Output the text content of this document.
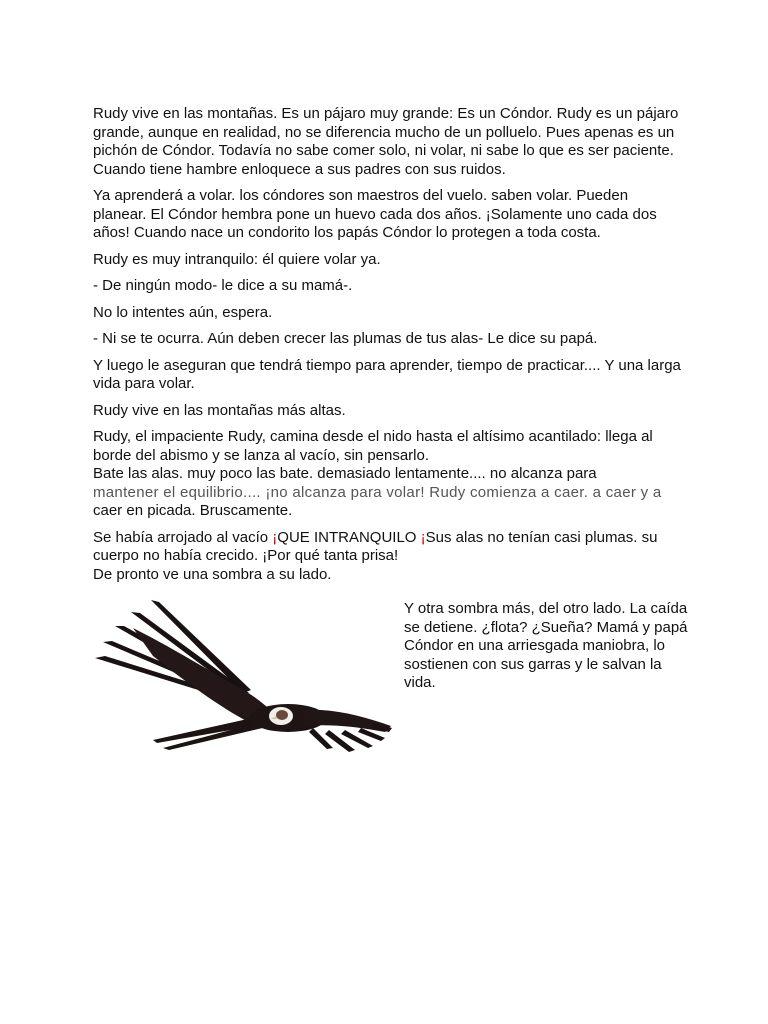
Rudy vive en las montañas. Es un pájaro muy grande: Es un Cóndor. Rudy es un pájaro grande, aunque en realidad, no se diferencia mucho de un polluelo. Pues apenas es un pichón de Cóndor. Todavía no sabe comer solo, ni volar, ni sabe lo que es ser paciente. Cuando tiene hambre enloquece a sus padres con sus ruidos.

Ya aprenderá a volar. los cóndores son maestros del vuelo. saben volar. Pueden planear. El Cóndor hembra pone un huevo cada dos años. ¡Solamente uno cada dos años! Cuando nace un condorito los papás Cóndor lo protegen a toda costa.

Rudy es muy intranquilo: él quiere volar ya.

- De ningún modo- le dice a su mamá-.

No lo intentes aún, espera.

- Ni se te ocurra. Aún deben crecer las plumas de tus alas- Le dice su papá.

Y luego le aseguran que tendrá tiempo para aprender, tiempo de practicar.... Y una larga vida para volar.

Rudy vive en las montañas más altas.

Rudy, el impaciente Rudy, camina desde el nido hasta el altísimo acantilado: llega al borde del abismo y se lanza al vacío, sin pensarlo.
Bate las alas. muy poco las bate. demasiado lentamente.... no alcanza para
mantener el equilibrio.... ¡no alcanza para volar! Rudy comienza a caer. a caer y a
caer en picada. Bruscamente.

Se había arrojado al vacío ¡QUE INTRANQUILO ¡Sus alas no tenían casi plumas. su cuerpo no había crecido. ¡Por qué tanta prisa!
De pronto ve una sombra a su lado.

Y otra sombra más, del otro lado. La caída se detiene. ¿flota? ¿Sueña? Mamá y papá Cóndor en una arriesgada maniobra, lo sostienen con sus garras y le salvan la vida.
